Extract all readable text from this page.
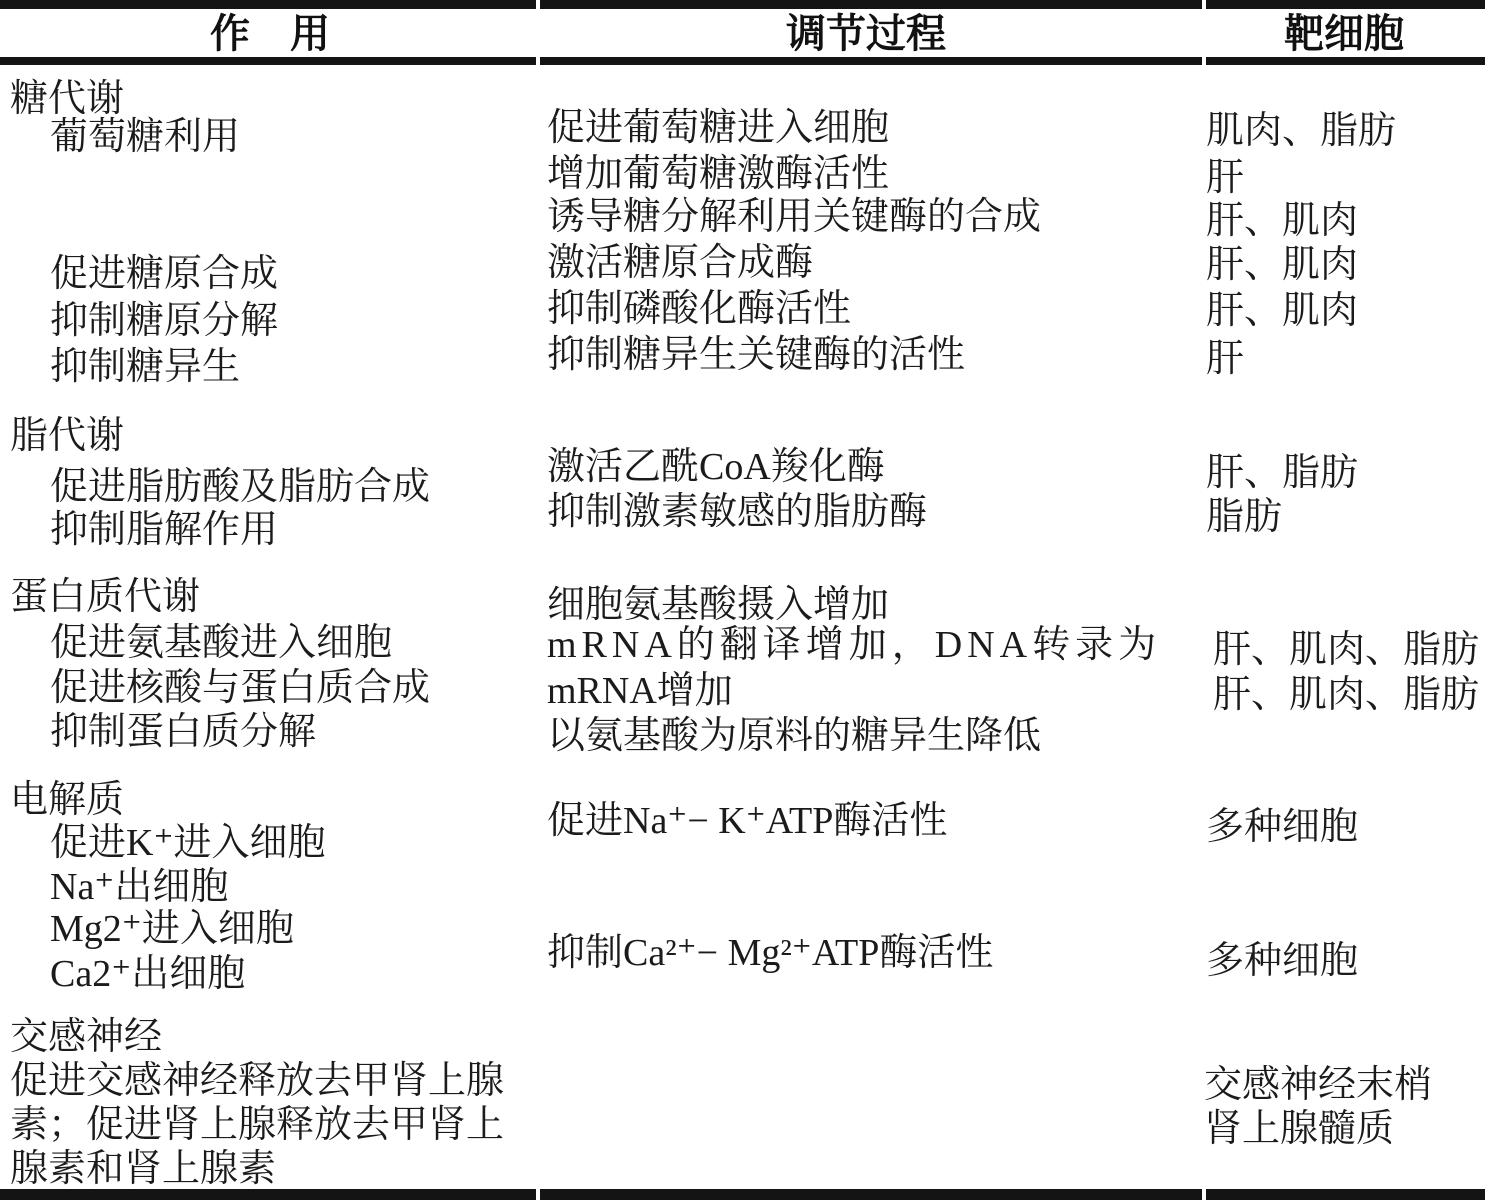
作　用	调节过程	靶细胞
糖代谢
葡萄糖利用
促进糖原合成
抑制糖原分解
抑制糖异生
促进葡萄糖进入细胞
增加葡萄糖激酶活性
诱导糖分解利用关键酶的合成
激活糖原合成酶
抑制磷酸化酶活性
抑制糖异生关键酶的活性
肌肉、脂肪
肝
肝、肌肉
肝、肌肉
肝、肌肉
肝
脂代谢
促进脂肪酸及脂肪合成
抑制脂解作用
激活乙酰CoA羧化酶
抑制激素敏感的脂肪酶
肝、脂肪
脂肪
蛋白质代谢
促进氨基酸进入细胞
促进核酸与蛋白质合成
抑制蛋白质分解
细胞氨基酸摄入增加
mRNA的翻译增加，DNA转录为
mRNA增加
以氨基酸为原料的糖异生降低
肝、肌肉、脂肪
肝、肌肉、脂肪
电解质
促进K⁺进入细胞
Na⁺出细胞
Mg2⁺进入细胞
Ca2⁺出细胞
促进Na⁺− K⁺ATP酶活性
抑制Ca²⁺− Mg²⁺ATP酶活性
多种细胞
多种细胞
交感神经
促进交感神经释放去甲肾上腺
素；促进肾上腺释放去甲肾上
腺素和肾上腺素
交感神经末梢
肾上腺髓质
